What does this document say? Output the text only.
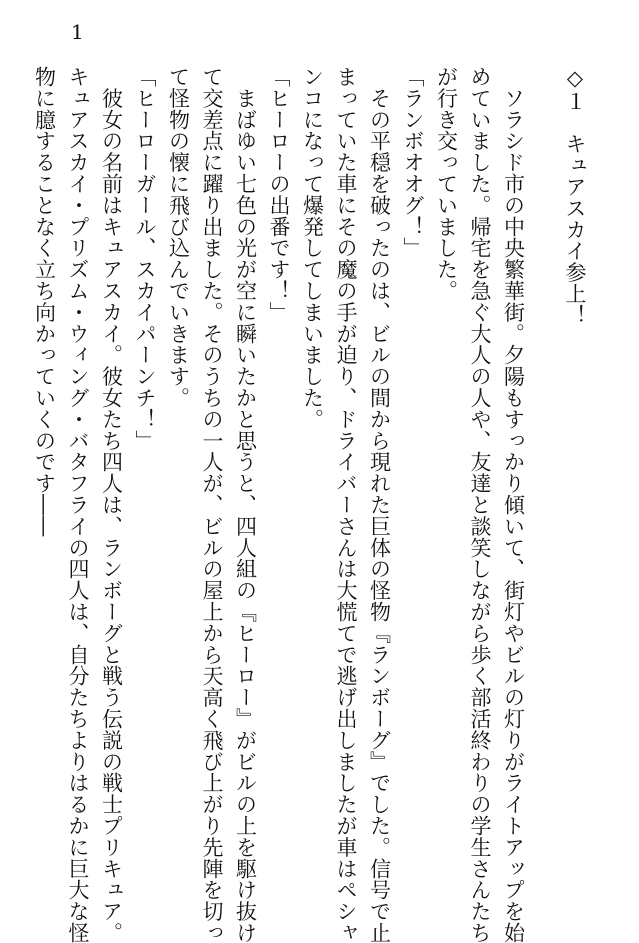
1

◇１　キュアスカイ参上！

　ソラシド市の中央繁華街。夕陽もすっかり傾いて、街灯やビルの灯りがライトアップを始

めていました。帰宅を急ぐ大人の人や、友達と談笑しながら歩く部活終わりの学生さんたち

が行き交っていました。

「ランボオオグ！」

　その平穏を破ったのは、ビルの間から現れた巨体の怪物『ランボーグ』でした。信号で止

まっていた車にその魔の手が迫り、ドライバーさんは大慌てで逃げ出しましたが車はペシャ

ンコになって爆発してしまいました。

「ヒーローの出番です！」

　まばゆい七色の光が空に瞬いたかと思うと、四人組の『ヒーロー』がビルの上を駆け抜け

て交差点に躍り出ました。そのうちの一人が、ビルの屋上から天高く飛び上がり先陣を切っ

て怪物の懐に飛び込んでいきます。

「ヒーローガール、スカイパーンチ！」

　彼女の名前はキュアスカイ。彼女たち四人は、ランボーグと戦う伝説の戦士プリキュア。

キュアスカイ・プリズム・ウィング・バタフライの四人は、自分たちよりはるかに巨大な怪

物に臆することなく立ち向かっていくのです――
